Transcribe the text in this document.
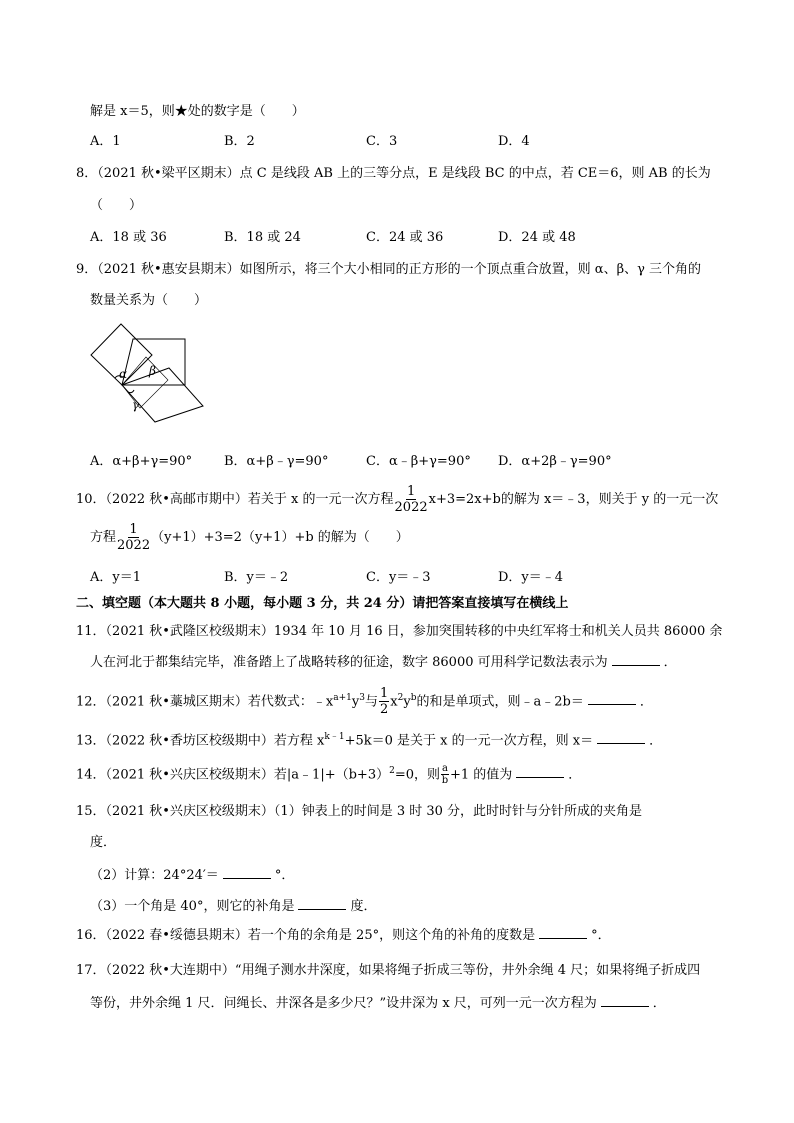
解是 x＝5，则★处的数字是（　　）
A．1	B．2	C．3	D．4
8．（2021 秋•梁平区期末）点 C 是线段 AB 上的三等分点，E 是线段 BC 的中点，若 CE＝6，则 AB 的长为
（　　）
A．18 或 36	B．18 或 24	C．24 或 36	D．24 或 48
9．（2021 秋•惠安县期末）如图所示，将三个大小相同的正方形的一个顶点重合放置，则 α、β、γ 三个角的
数量关系为（　　）
α β
γ
A．α+β+γ=90° B．α+β﹣γ=90°	C．α﹣β+γ=90° D．α+2β﹣γ=90°
10．（2022 秋•高邮市期中）若关于 x 的一元一次方程 $\frac{1}{2022} x+3=2x+b$的解为 x＝﹣3，则关于 y 的一元一次
方程 $\frac{1}{2022} (y+1)+3=2(y+1)+b$ 的解为（　　）
A．y＝1	B．y＝﹣2	C．y＝﹣3	D．y＝﹣4
二、填空题（本大题共 8 小题，每小题 3 分，共 24 分）请把答案直接填写在横线上
11．（2021 秋•武隆区校级期末）1934 年 10 月 16 日，参加突围转移的中央红军将士和机关人员共 86000 余
人在河北于都集结完毕，准备踏上了战略转移的征途，数字 86000 可用科学记数法表示为	．
12．（2021 秋•藁城区期末）若代数式：$﹣x^{a+1}y^3$与 $\frac{1}{2} x^2y^b$的和是单项式，则﹣a﹣2b＝	．
13．（2022 秋•香坊区校级期中）若方程 $x^{k﹣1}+5k=0$ 是关于 x 的一元一次方程，则 x＝	．
14．（2021 秋•兴庆区校级期末）若$|a﹣1|+(b+3)^2=0$，则 $\frac{a}{b} +1$ 的值为	．
15．（2021 秋•兴庆区校级期末）（1）钟表上的时间是 3 时 30 分，此时时针与分针所成的夹角是
度．
（2）计算：24°24′＝	°．
（3）一个角是 40°，则它的补角是	度．
16．（2022 春•绥德县期末）若一个角的余角是 25°，则这个角的补角的度数是	°．
17．（2022 秋•大连期中）“用绳子测水井深度，如果将绳子折成三等份，井外余绳 4 尺；如果将绳子折成四
等份，井外余绳 1 尺．问绳长、井深各是多少尺？”设井深为 x 尺，可列一元一次方程为	．
